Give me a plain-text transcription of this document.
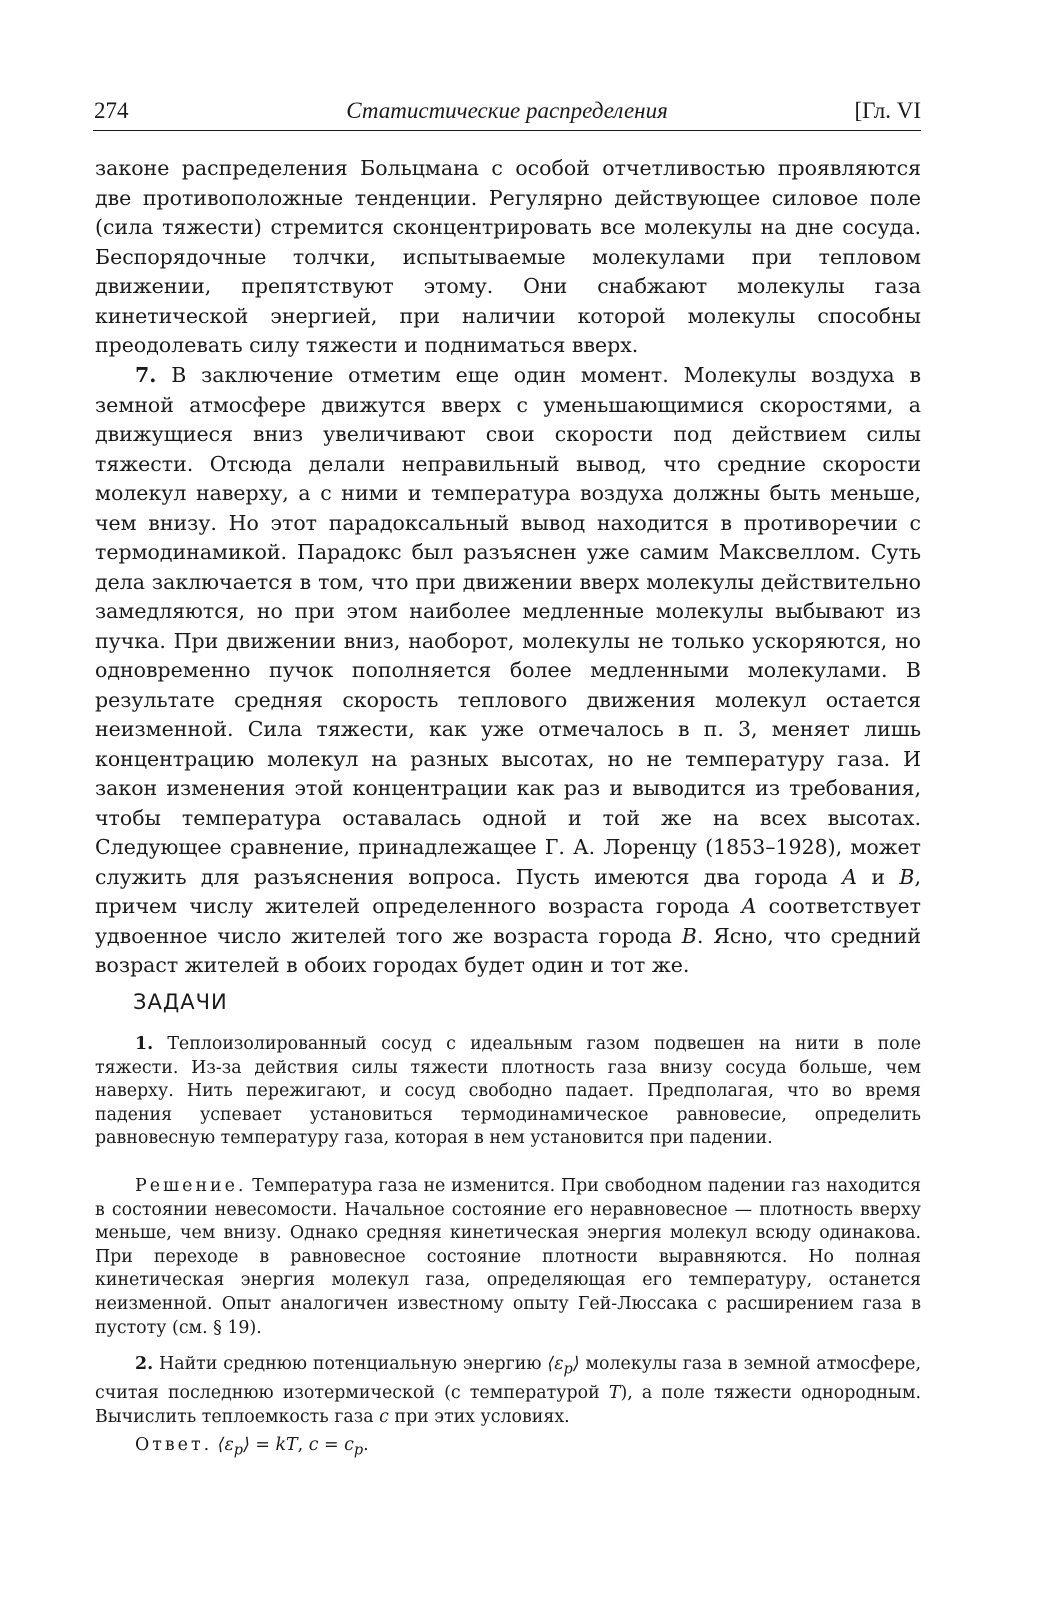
274	Статистические распределения	[Гл. VI

законе распределения Больцмана с особой отчетливостью проявляются две противоположные тенденции. Регулярно действующее силовое поле (сила тяжести) стремится сконцентрировать все молекулы на дне сосуда. Беспорядочные толчки, испытываемые молекулами при тепловом движении, препятствуют этому. Они снабжают молекулы газа кинетической энергией, при наличии которой молекулы способны преодолевать силу тяжести и подниматься вверх.

7. В заключение отметим еще один момент. Молекулы воздуха в земной атмосфере движутся вверх с уменьшающимися скоростями, а движущиеся вниз увеличивают свои скорости под действием силы тяжести. Отсюда делали неправильный вывод, что средние скорости молекул наверху, а с ними и температура воздуха должны быть меньше, чем внизу. Но этот парадоксальный вывод находится в противоречии с термодинамикой. Парадокс был разъяснен уже самим Максвеллом. Суть дела заключается в том, что при движении вверх молекулы действительно замедляются, но при этом наиболее медленные молекулы выбывают из пучка. При движении вниз, наоборот, молекулы не только ускоряются, но одновременно пучок пополняется более медленными молекулами. В результате средняя скорость теплового движения молекул остается неизменной. Сила тяжести, как уже отмечалось в п. 3, меняет лишь концентрацию молекул на разных высотах, но не температуру газа. И закон изменения этой концентрации как раз и выводится из требования, чтобы температура оставалась одной и той же на всех высотах. Следующее сравнение, принадлежащее Г. А. Лоренцу (1853–1928), может служить для разъяснения вопроса. Пусть имеются два города A и B, причем числу жителей определенного возраста города A соответствует удвоенное число жителей того же возраста города B. Ясно, что средний возраст жителей в обоих городах будет один и тот же.

ЗАДАЧИ

1. Теплоизолированный сосуд с идеальным газом подвешен на нити в поле тяжести. Из-за действия силы тяжести плотность газа внизу сосуда больше, чем наверху. Нить пережигают, и сосуд свободно падает. Предполагая, что во время падения успевает установиться термодинамическое равновесие, определить равновесную температуру газа, которая в нем установится при падении.

Решение. Температура газа не изменится. При свободном падении газ находится в состоянии невесомости. Начальное состояние его неравновесное — плотность вверху меньше, чем внизу. Однако средняя кинетическая энергия молекул всюду одинакова. При переходе в равновесное состояние плотности выравняются. Но полная кинетическая энергия молекул газа, определяющая его температуру, останется неизменной. Опыт аналогичен известному опыту Гей-Люссака с расширением газа в пустоту (см. § 19).

2. Найти среднюю потенциальную энергию $⟨\varepsilon_p⟩$ молекулы газа в земной атмосфере, считая последнюю изотермической (с температурой T), а поле тяжести однородным. Вычислить теплоемкость газа c при этих условиях.

Ответ. $⟨\varepsilon_p⟩$ = kT, $c = c_p$.
